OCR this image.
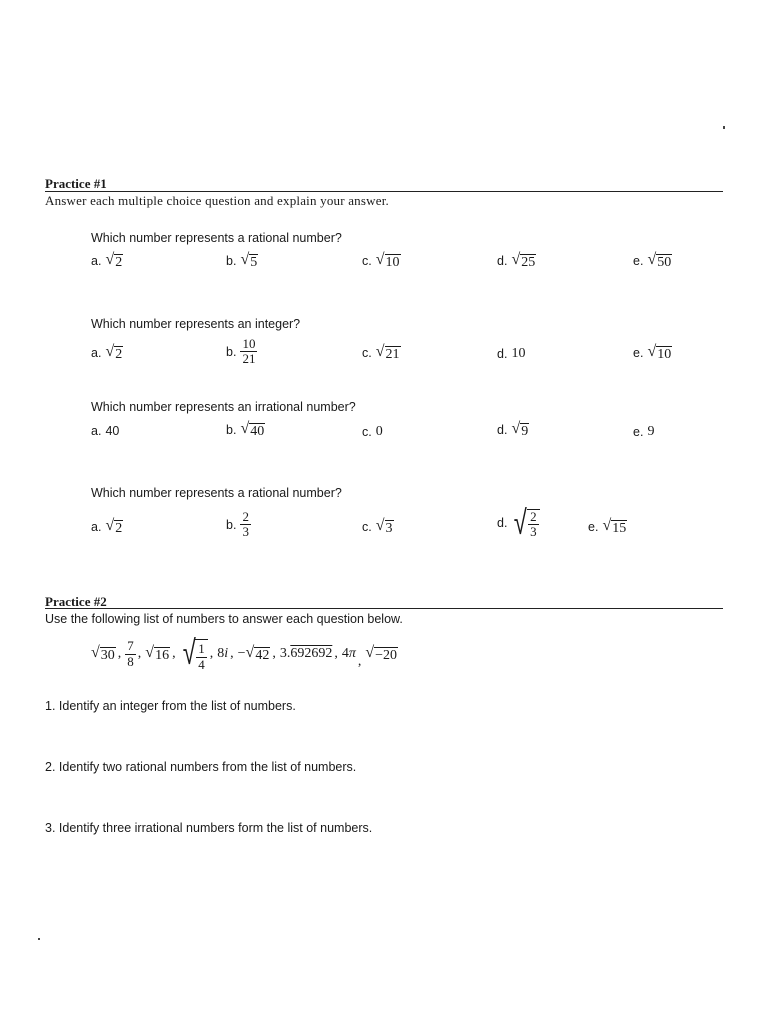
Practice #1
Answer each multiple choice question and explain your answer.
Which number represents a rational number?
a. √ 2	b. √ 5	c. √ 10	d. √ 25	e. √ 50
Which number represents an integer?
a. √ 2	b. $\frac{10}{21}$	c. √ 21	d. 10	e. √ 10
Which number represents an irrational number?
a. 40	b. √ 40	c. 0	d. √ 9	e. 9
Which number represents a rational number?
a. √ 2	b. $\frac{2}{3}$	c. √ 3	d. √ $\frac{2}{3}$	e. √ 15
Practice #2
Use the following list of numbers to answer each question below.
√ 30 , $\frac{7}{8}$ , √ 16 , √ $\frac{1}{4}$ , 8 i , − √ 42 , 3. 692692 , 4 π
,
√ −20
1. Identify an integer from the list of numbers.
2. Identify two rational numbers from the list of numbers.
3. Identify three irrational numbers form the list of numbers.
